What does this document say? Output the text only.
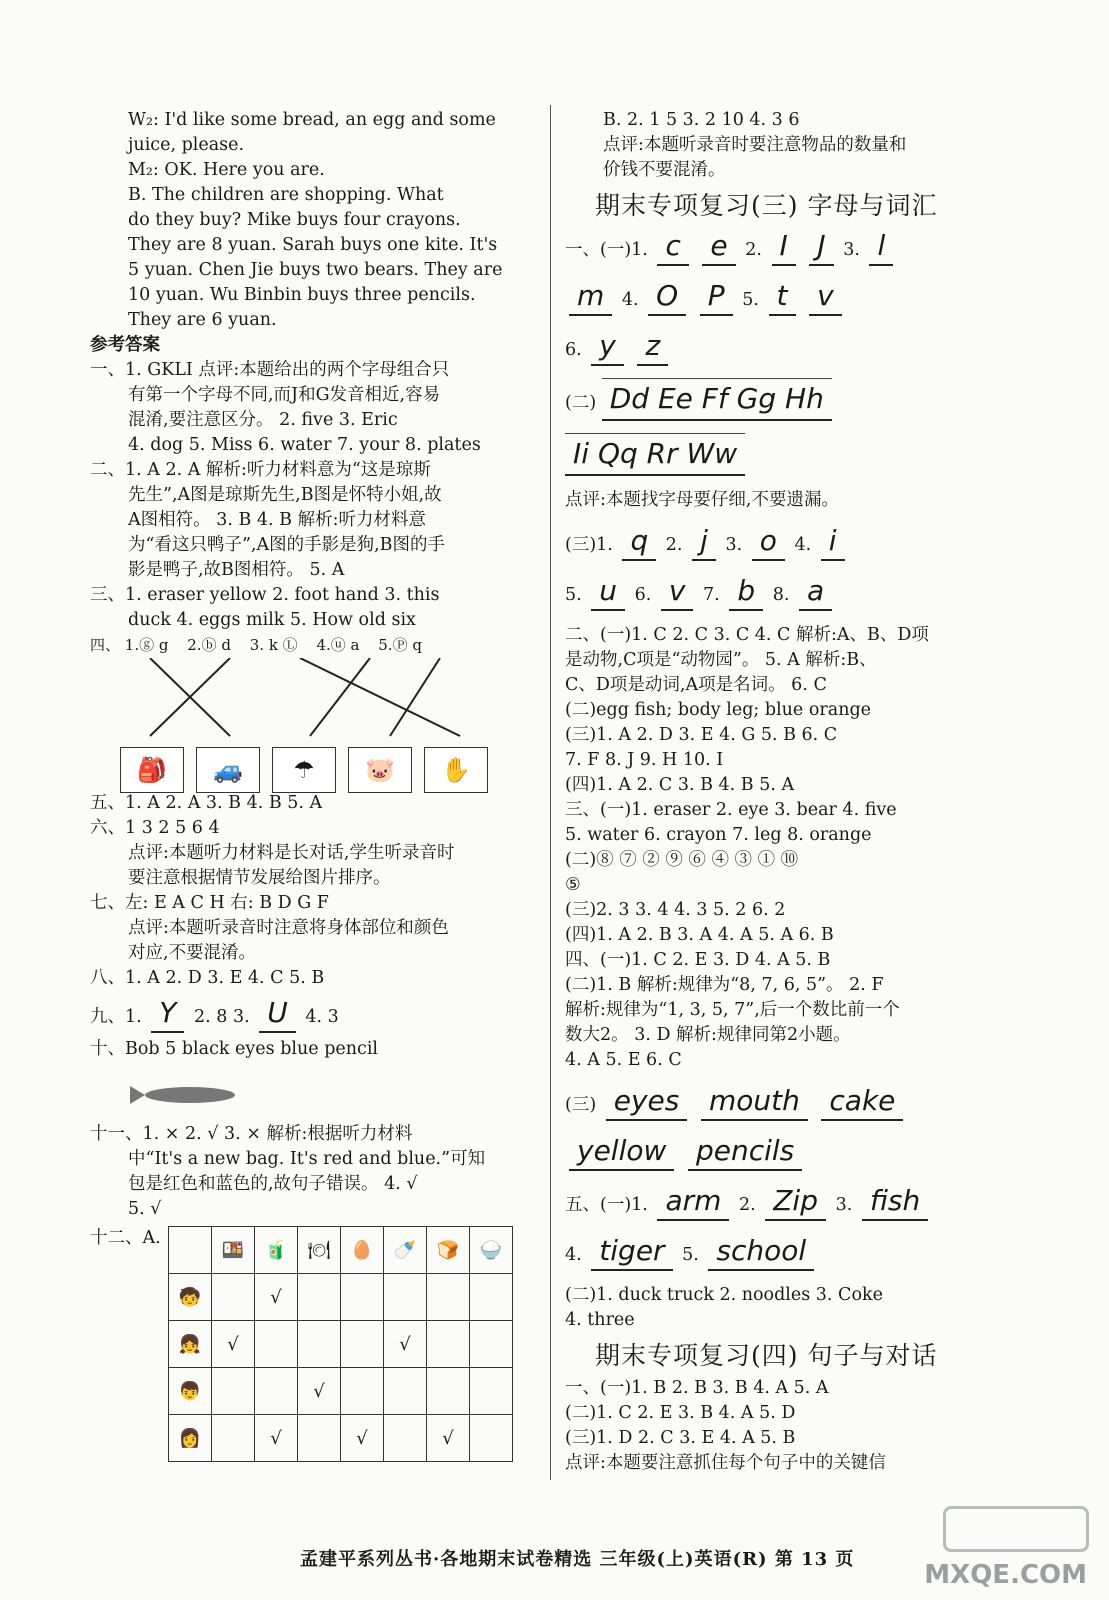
W₂: I'd like some bread, an egg and some

juice, please.

M₂: OK. Here you are.

B. The children are shopping. What

do they buy? Mike buys four crayons.

They are 8 yuan. Sarah buys one kite. It's

5 yuan. Chen Jie buys two bears. They are

10 yuan. Wu Binbin buys three pencils.

They are 6 yuan.

参考答案

一、1. GKLI 点评:本题给出的两个字母组合只

有第一个字母不同,而J和G发音相近,容易

混淆,要注意区分。 2. five 3. Eric

4. dog 5. Miss 6. water 7. your 8. plates

二、1. A 2. A 解析:听力材料意为“这是琼斯

先生”,A图是琼斯先生,B图是怀特小姐,故

A图相符。 3. B 4. B 解析:听力材料意

为“看这只鸭子”,A图的手影是狗,B图的手

影是鸭子,故B图相符。 5. A

三、1. eraser yellow 2. foot hand 3. this

duck 4. eggs milk 5. How old six

四、 1.ⓖ g 2.ⓑ d 3. k Ⓛ 4.ⓤ a 5.Ⓟ q
🎒	🚙	☂	🐷	✋

五、1. A 2. A 3. B 4. B 5. A

六、1 3 2 5 6 4

点评:本题听力材料是长对话,学生听录音时

要注意根据情节发展给图片排序。

七、左: E A C H 右: B D G F

点评:本题听录音时注意将身体部位和颜色

对应,不要混淆。

八、1. A 2. D 3. E 4. C 5. B

九、1. Y 2. 8 3. U 4. 3

十、Bob 5 black eyes blue pencil

十一、1. × 2. √ 3. × 解析:根据听力材料

中“It's a new bag. It's red and blue.”可知

包是红色和蓝色的,故句子错误。 4. √

5. √

十二、A.
	🍱	🧃	🍽	🥚	🍼	🍞	🍚
🧒		√					
👧	√				√		
👦			√				
👩		√		√		√	

B. 2. 1 5 3. 2 10 4. 3 6

点评:本题听录音时要注意物品的数量和

价钱不要混淆。

期末专项复习(三) 字母与词汇

一、(一)1. c e 2. I J 3. l

m 4. O P 5. t v

6. y z

(二) Dd Ee Ff Gg Hh

Ii Qq Rr Ww

点评:本题找字母要仔细,不要遗漏。

(三)1. q 2. j 3. o 4. i

5. u 6. v 7. b 8. a

二、(一)1. C 2. C 3. C 4. C 解析:A、B、D项

是动物,C项是“动物园”。 5. A 解析:B、

C、D项是动词,A项是名词。 6. C

(二)egg fish; body leg; blue orange

(三)1. A 2. D 3. E 4. G 5. B 6. C

7. F 8. J 9. H 10. I

(四)1. A 2. C 3. B 4. B 5. A

三、(一)1. eraser 2. eye 3. bear 4. five

5. water 6. crayon 7. leg 8. orange

(二)⑧ ⑦ ② ⑨ ⑥ ④ ③ ① ⑩

⑤

(三)2. 3 3. 4 4. 3 5. 2 6. 2

(四)1. A 2. B 3. A 4. A 5. A 6. B

四、(一)1. C 2. E 3. D 4. A 5. B

(二)1. B 解析:规律为“8, 7, 6, 5”。 2. F

解析:规律为“1, 3, 5, 7”,后一个数比前一个

数大2。 3. D 解析:规律同第2小题。

4. A 5. E 6. C

(三) eyes mouth cake

yellow pencils

五、(一)1. arm 2. Zip 3. fish

4. tiger 5. school

(二)1. duck truck 2. noodles 3. Coke

4. three

期末专项复习(四) 句子与对话

一、(一)1. B 2. B 3. B 4. A 5. A

(二)1. C 2. E 3. B 4. A 5. D

(三)1. D 2. C 3. E 4. A 5. B

点评:本题要注意抓住每个句子中的关键信

孟建平系列丛书·各地期末试卷精选 三年级(上)英语(R) 第 13 页
MXQE.COM
